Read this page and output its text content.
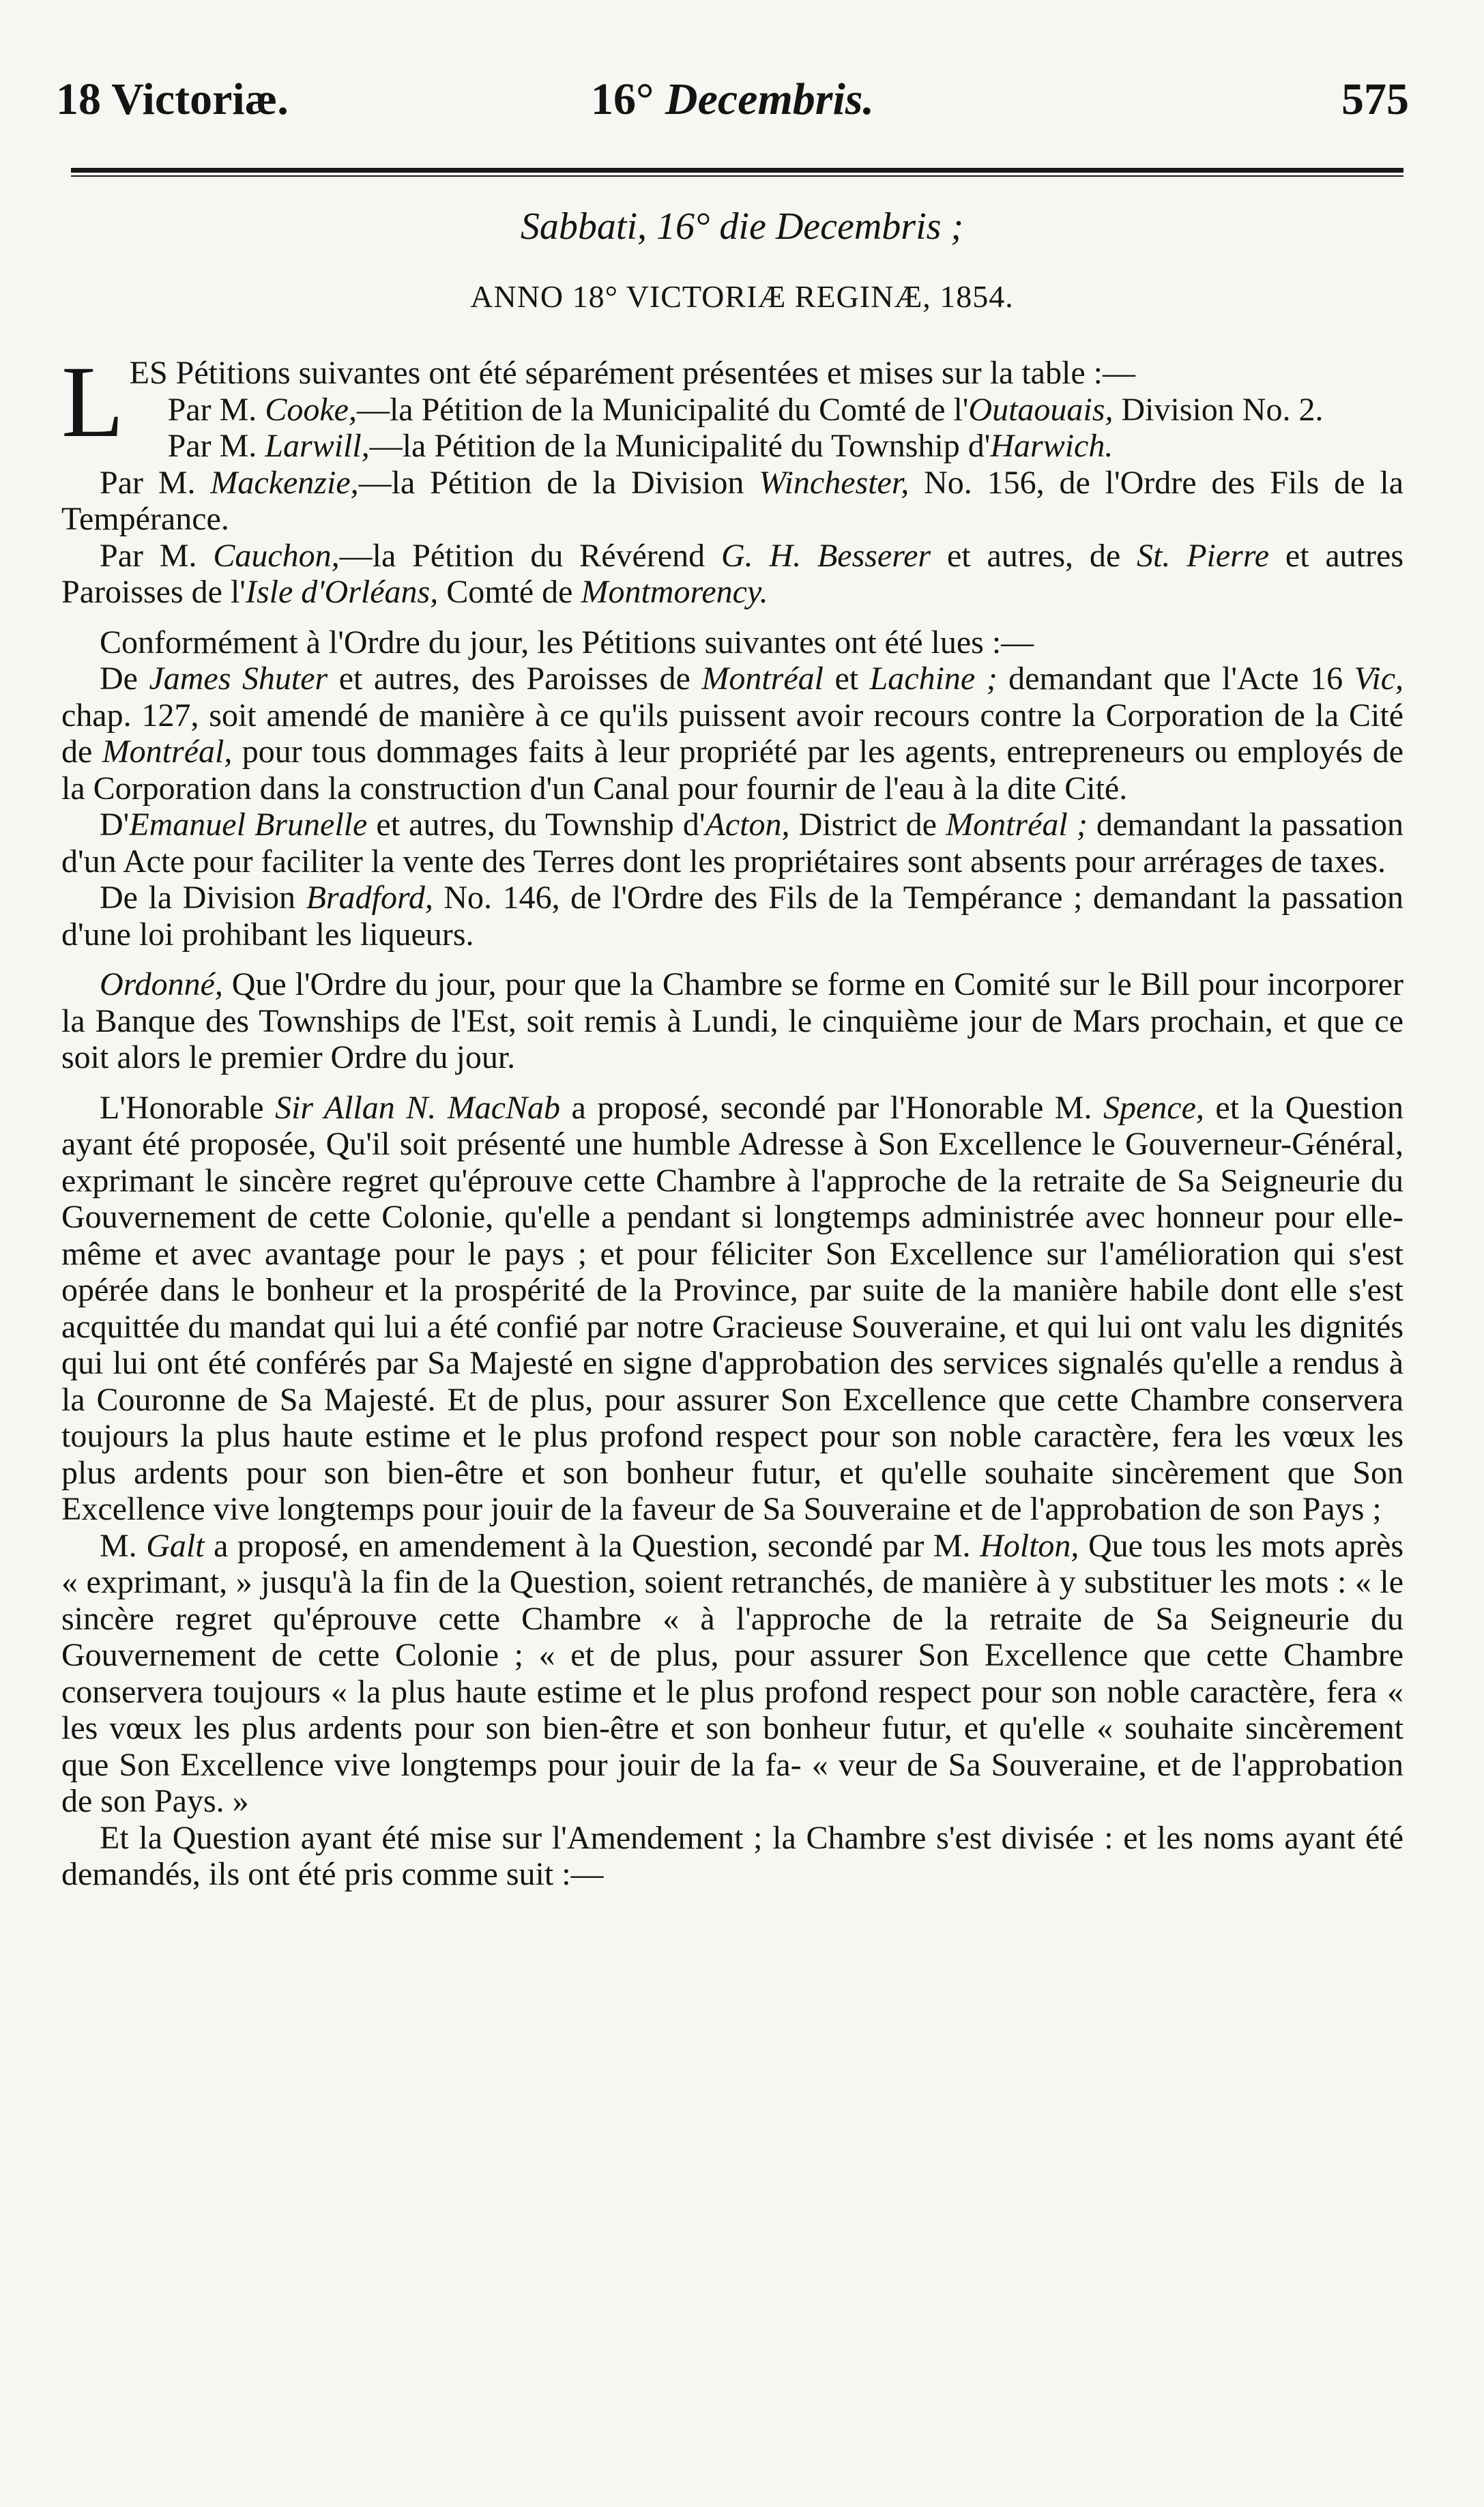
18 Victoriæ.	16° Decembris.	575
Sabbati, 16° die Decembris ;
ANNO 18° VICTORIÆ REGINÆ, 1854.

LES Pétitions suivantes ont été séparément présentées et mises sur la table :—

Par M. Cooke,—la Pétition de la Municipalité du Comté de l'Outaouais, Division No. 2.

Par M. Larwill,—la Pétition de la Municipalité du Township d'Harwich.

Par M. Mackenzie,—la Pétition de la Division Winchester, No. 156, de l'Ordre des Fils de la Tempérance.

Par M. Cauchon,—la Pétition du Révérend G. H. Besserer et autres, de St. Pierre et autres Paroisses de l'Isle d'Orléans, Comté de Montmorency.

Conformément à l'Ordre du jour, les Pétitions suivantes ont été lues :—

De James Shuter et autres, des Paroisses de Montréal et Lachine ; demandant que l'Acte 16 Vic, chap. 127, soit amendé de manière à ce qu'ils puissent avoir recours contre la Corporation de la Cité de Montréal, pour tous dommages faits à leur propriété par les agents, entrepreneurs ou employés de la Corporation dans la construction d'un Canal pour fournir de l'eau à la dite Cité.

D'Emanuel Brunelle et autres, du Township d'Acton, District de Montréal ; demandant la passation d'un Acte pour faciliter la vente des Terres dont les propriétaires sont absents pour arrérages de taxes.

De la Division Bradford, No. 146, de l'Ordre des Fils de la Tempérance ; demandant la passation d'une loi prohibant les liqueurs.

Ordonné, Que l'Ordre du jour, pour que la Chambre se forme en Comité sur le Bill pour incorporer la Banque des Townships de l'Est, soit remis à Lundi, le cinquième jour de Mars prochain, et que ce soit alors le premier Ordre du jour.

L'Honorable Sir Allan N. MacNab a proposé, secondé par l'Honorable M. Spence, et la Question ayant été proposée, Qu'il soit présenté une humble Adresse à Son Excellence le Gouverneur-Général, exprimant le sincère regret qu'éprouve cette Chambre à l'approche de la retraite de Sa Seigneurie du Gouvernement de cette Colonie, qu'elle a pendant si longtemps administrée avec honneur pour elle-même et avec avantage pour le pays ; et pour féliciter Son Excellence sur l'amélioration qui s'est opérée dans le bonheur et la prospérité de la Province, par suite de la manière habile dont elle s'est acquittée du mandat qui lui a été confié par notre Gracieuse Souveraine, et qui lui ont valu les dignités qui lui ont été conférés par Sa Majesté en signe d'approbation des services signalés qu'elle a rendus à la Couronne de Sa Majesté. Et de plus, pour assurer Son Excellence que cette Chambre conservera toujours la plus haute estime et le plus profond respect pour son noble caractère, fera les vœux les plus ardents pour son bien-être et son bonheur futur, et qu'elle souhaite sincèrement que Son Excellence vive longtemps pour jouir de la faveur de Sa Souveraine et de l'approbation de son Pays ;

M. Galt a proposé, en amendement à la Question, secondé par M. Holton, Que tous les mots après « exprimant, » jusqu'à la fin de la Question, soient retranchés, de manière à y substituer les mots : « le sincère regret qu'éprouve cette Chambre « à l'approche de la retraite de Sa Seigneurie du Gouvernement de cette Colonie ; « et de plus, pour assurer Son Excellence que cette Chambre conservera toujours « la plus haute estime et le plus profond respect pour son noble caractère, fera « les vœux les plus ardents pour son bien-être et son bonheur futur, et qu'elle « souhaite sincèrement que Son Excellence vive longtemps pour jouir de la fa- « veur de Sa Souveraine, et de l'approbation de son Pays. »

Et la Question ayant été mise sur l'Amendement ; la Chambre s'est divisée : et les noms ayant été demandés, ils ont été pris comme suit :—
